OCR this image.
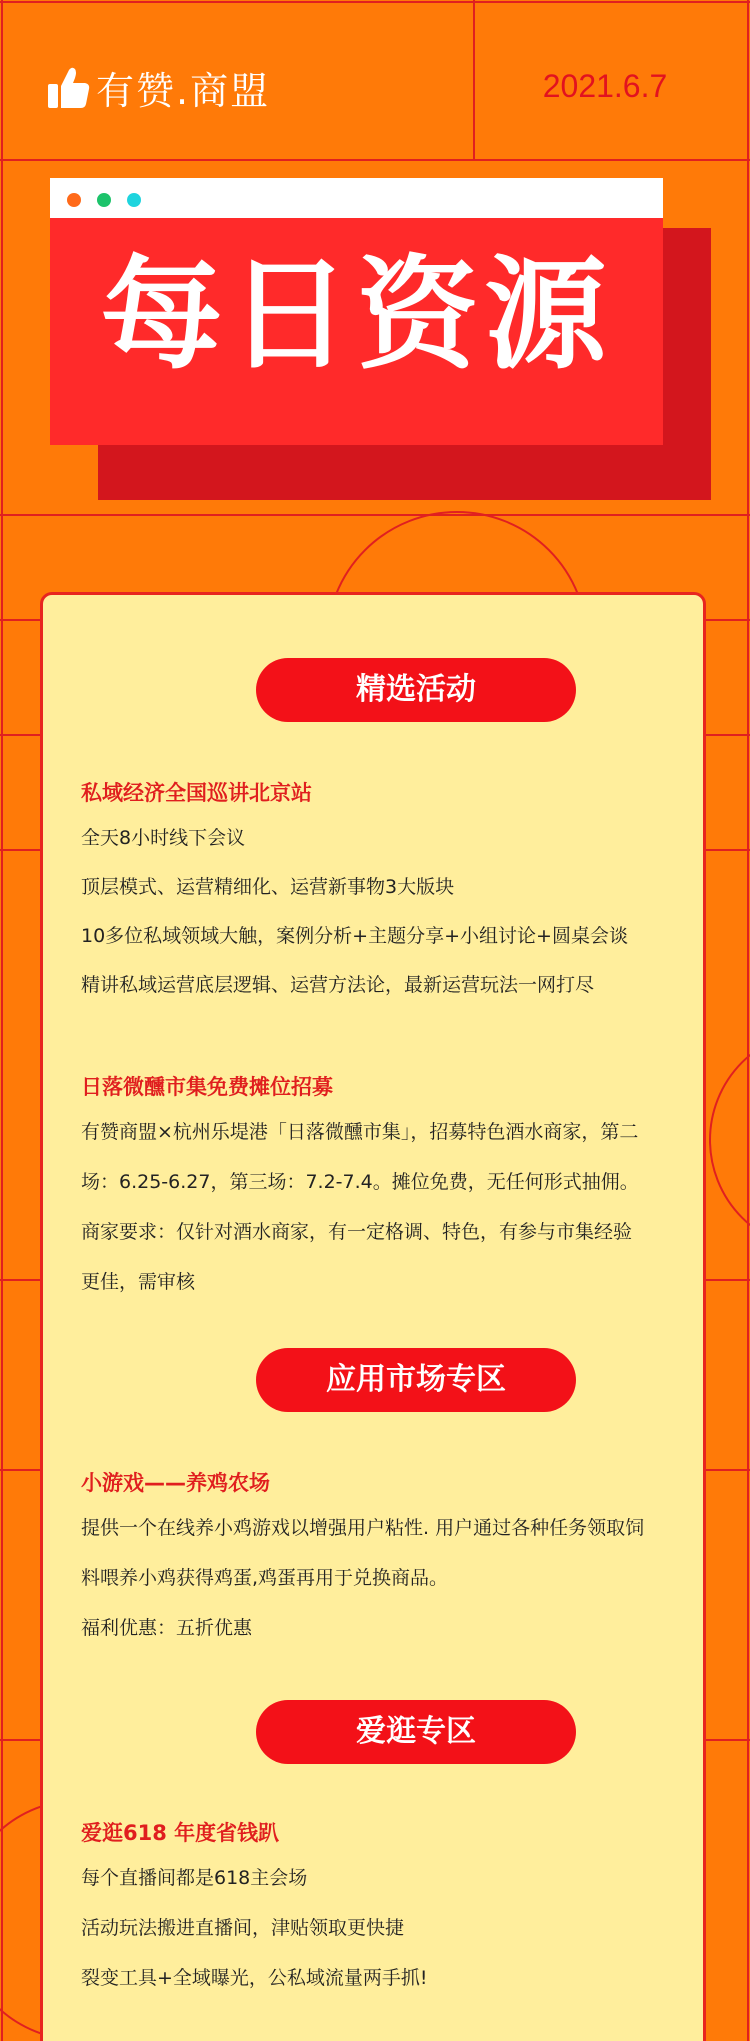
有赞.商盟	2021.6.7
每日资源
精选活动
私域经济全国巡讲北京站
全天8小时线下会议
顶层模式、运营精细化、运营新事物3大版块
10多位私域领域大触，案例分析+主题分享+小组讨论+圆桌会谈
精讲私域运营底层逻辑、运营方法论，最新运营玩法一网打尽
日落微醺市集免费摊位招募
有赞商盟×杭州乐堤港「日落微醺市集」，招募特色酒水商家，第二
场：6.25-6.27，第三场：7.2-7.4。摊位免费，无任何形式抽佣。
商家要求：仅针对酒水商家，有一定格调、特色，有参与市集经验
更佳，需审核
应用市场专区
小游戏——养鸡农场
提供一个在线养小鸡游戏以增强用户粘性. 用户通过各种任务领取饲
料喂养小鸡获得鸡蛋,鸡蛋再用于兑换商品。
福利优惠：五折优惠
爱逛专区
爱逛618 年度省钱趴
每个直播间都是618主会场
活动玩法搬进直播间，津贴领取更快捷
裂变工具+全域曝光，公私域流量两手抓!
